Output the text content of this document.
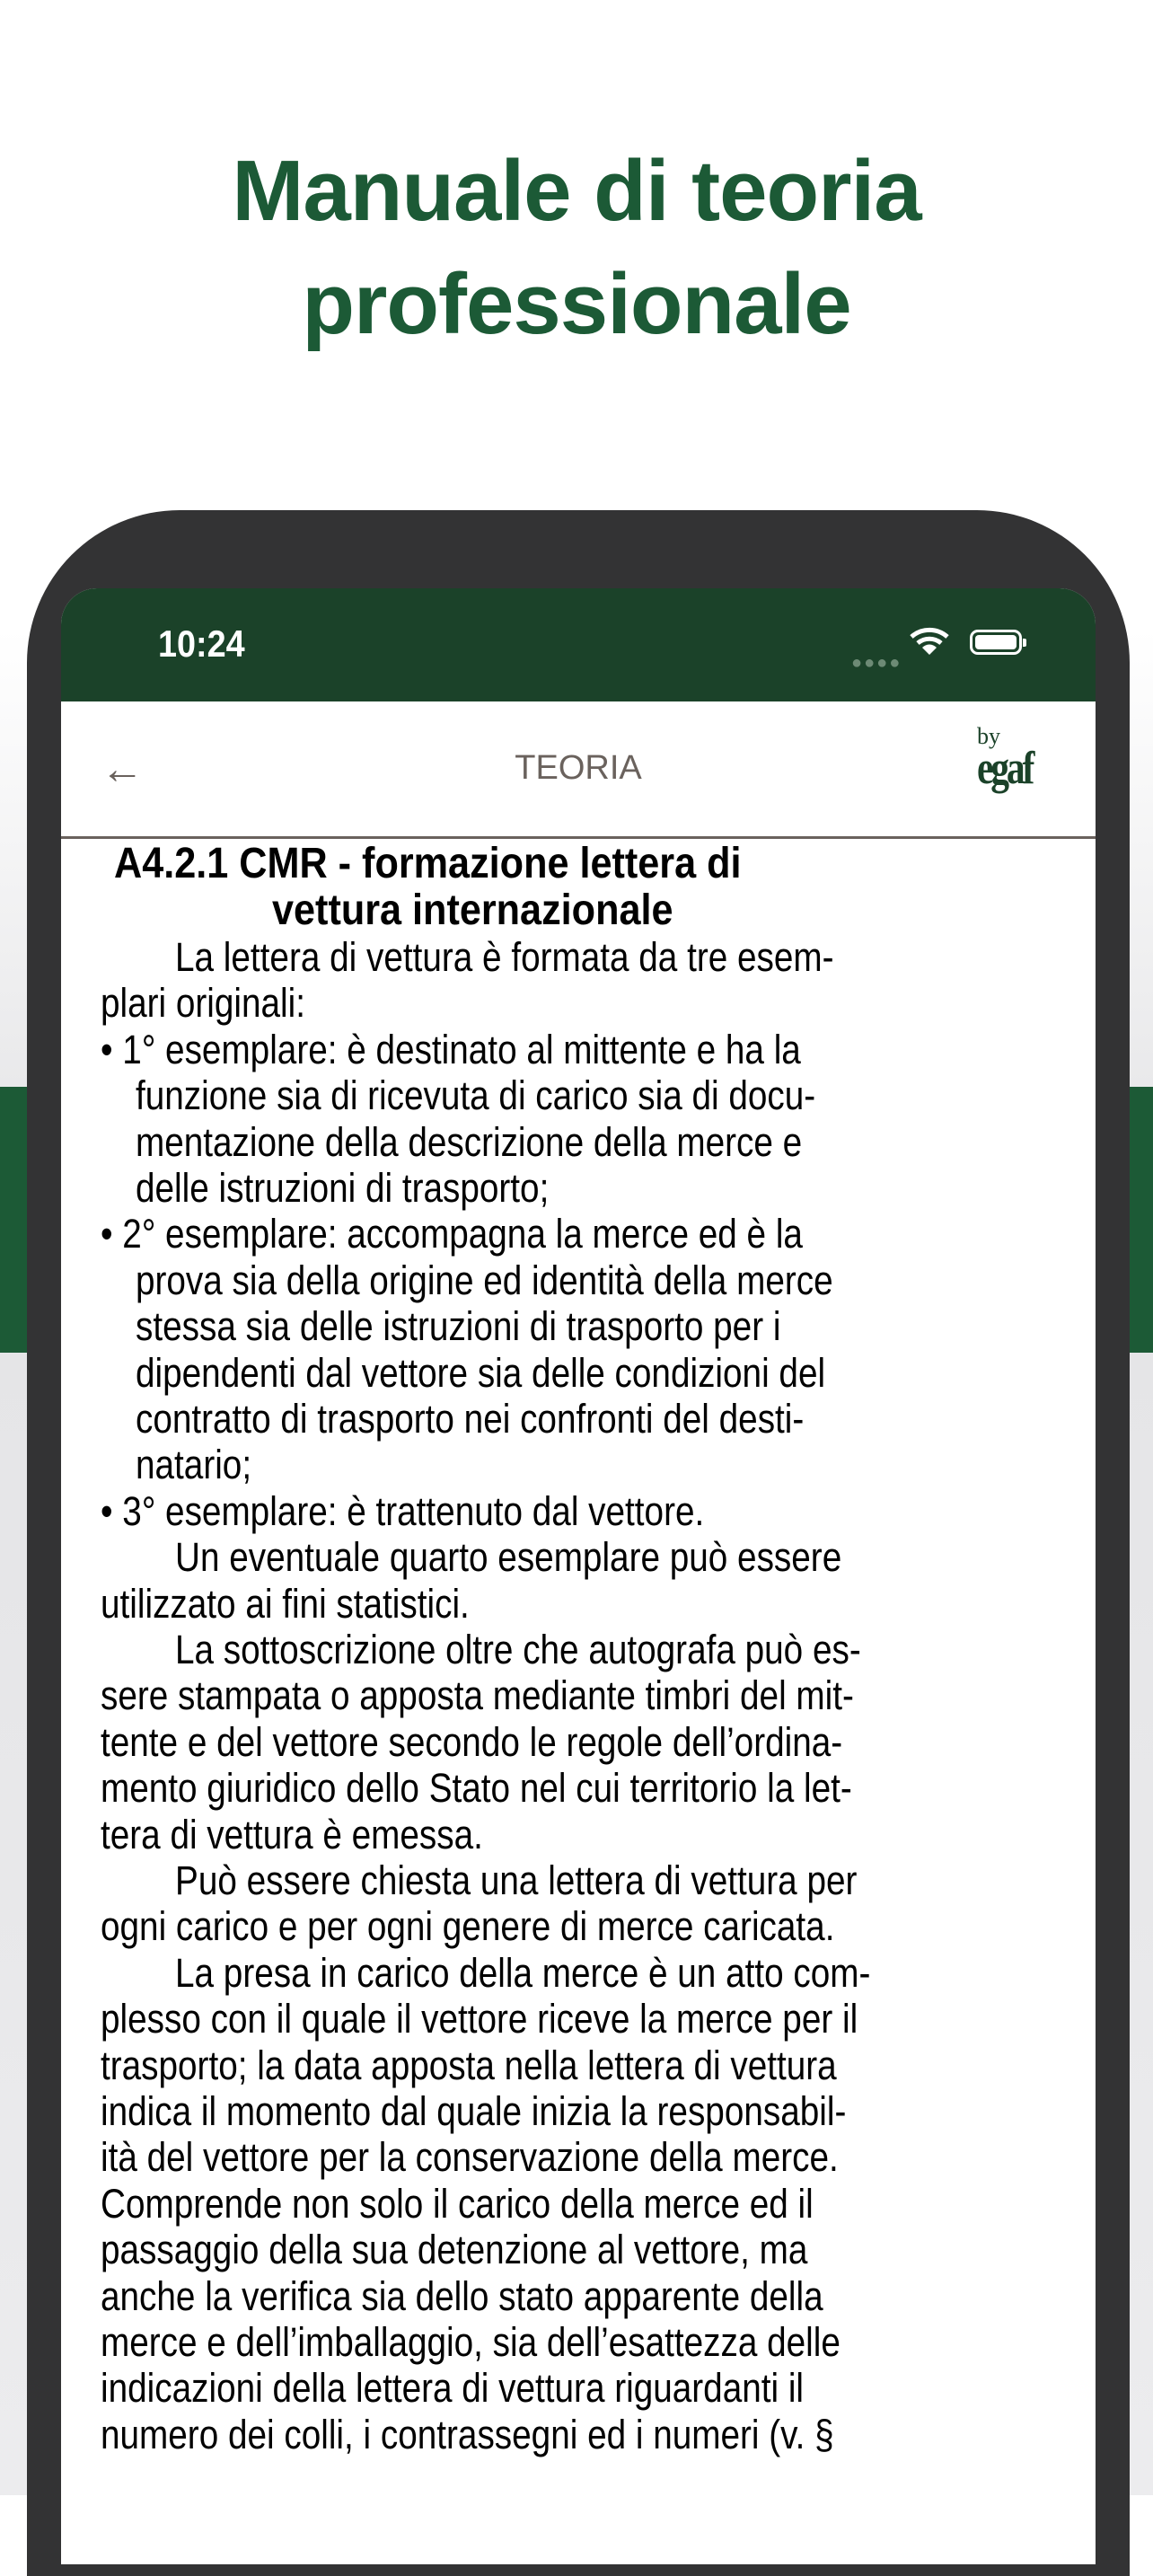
Manuale di teoria
professionale
10:24	●●●●
←	TEORIA
by
egaf
A4.2.1 CMR - formazione lettera di
vettura internazionale
La lettera di vettura è formata da tre esem-
plari originali:
• 1° esemplare: è destinato al mittente e ha la
funzione sia di ricevuta di carico sia di docu-
mentazione della descrizione della merce e
delle istruzioni di trasporto;
• 2° esemplare: accompagna la merce ed è la
prova sia della origine ed identità della merce
stessa sia delle istruzioni di trasporto per i
dipendenti dal vettore sia delle condizioni del
contratto di trasporto nei confronti del desti-
natario;
• 3° esemplare: è trattenuto dal vettore.
Un eventuale quarto esemplare può essere
utilizzato ai fini statistici.
La sottoscrizione oltre che autografa può es-
sere stampata o apposta mediante timbri del mit-
tente e del vettore secondo le regole dell’ordina-
mento giuridico dello Stato nel cui territorio la let-
tera di vettura è emessa.
Può essere chiesta una lettera di vettura per
ogni carico e per ogni genere di merce caricata.
La presa in carico della merce è un atto com-
plesso con il quale il vettore riceve la merce per il
trasporto; la data apposta nella lettera di vettura
indica il momento dal quale inizia la responsabil-
ità del vettore per la conservazione della merce.
Comprende non solo il carico della merce ed il
passaggio della sua detenzione al vettore, ma
anche la verifica sia dello stato apparente della
merce e dell’imballaggio, sia dell’esattezza delle
indicazioni della lettera di vettura riguardanti il
numero dei colli, i contrassegni ed i numeri (v. §
